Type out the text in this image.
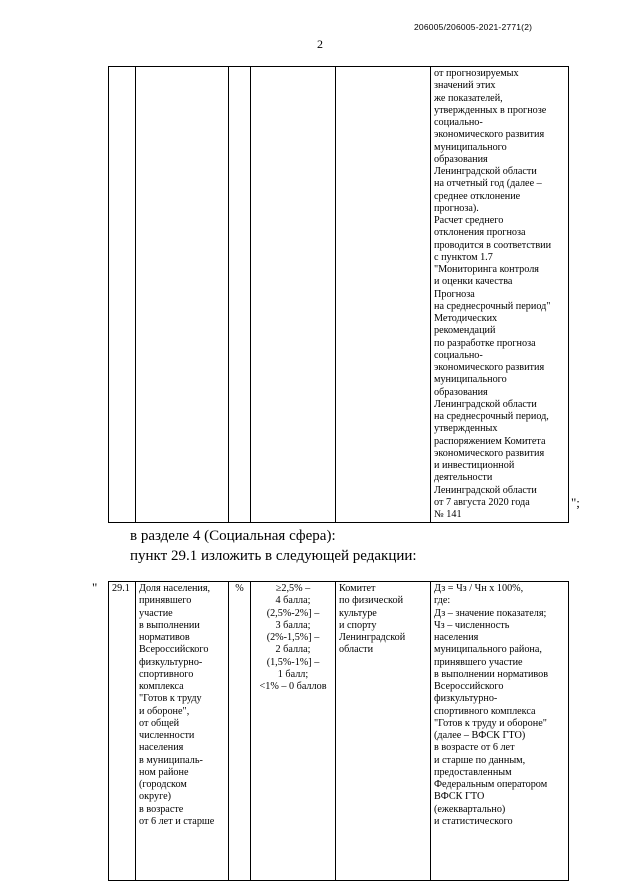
206005/206005-2021-2771(2)
2
					от прогнозируемых
значений этих
же показателей,
утвержденных в прогнозе
социально-
экономического развития
муниципального
образования
Ленинградской области
на отчетный год (далее –
среднее отклонение
прогноза).
Расчет среднего
отклонения прогноза
проводится в соответствии
с пунктом 1.7
"Мониторинга контроля
и оценки качества
Прогноза
на среднесрочный период"
Методических
рекомендаций
по разработке прогноза
социально-
экономического развития
муниципального
образования
Ленинградской области
на среднесрочный период,
утвержденных
распоряжением Комитета
экономического развития
и инвестиционной
деятельности
Ленинградской области
от 7 августа 2020 года
№ 141
";
в разделе 4 (Социальная сфера):
пункт 29.1 изложить в следующей редакции:
" 29.1	Доля населения,
принявшего
участие
в выполнении
нормативов
Всероссийского
физкультурно-
спортивного
комплекса
"Готов к труду
и обороне",
от общей
численности
населения
в муниципаль-
ном районе
(городском
округе)
в возрасте
от 6 лет и старше	%	≥2,5% –
4 балла;
(2,5%-2%] –
3 балла;
(2%-1,5%] –
2 балла;
(1,5%-1%] –
1 балл;
<1% – 0 баллов	Комитет
по физической
культуре
и спорту
Ленинградской
области	Дз = Чз / Чн х 100%,
где:
Дз – значение показателя;
Чз – численность
населения
муниципального района,
принявшего участие
в выполнении нормативов
Всероссийского
физкультурно-
спортивного комплекса
"Готов к труду и обороне"
(далее – ВФСК ГТО)
в возрасте от 6 лет
и старше по данным,
предоставленным
Федеральным оператором
ВФСК ГТО
(ежеквартально)
и статистического
